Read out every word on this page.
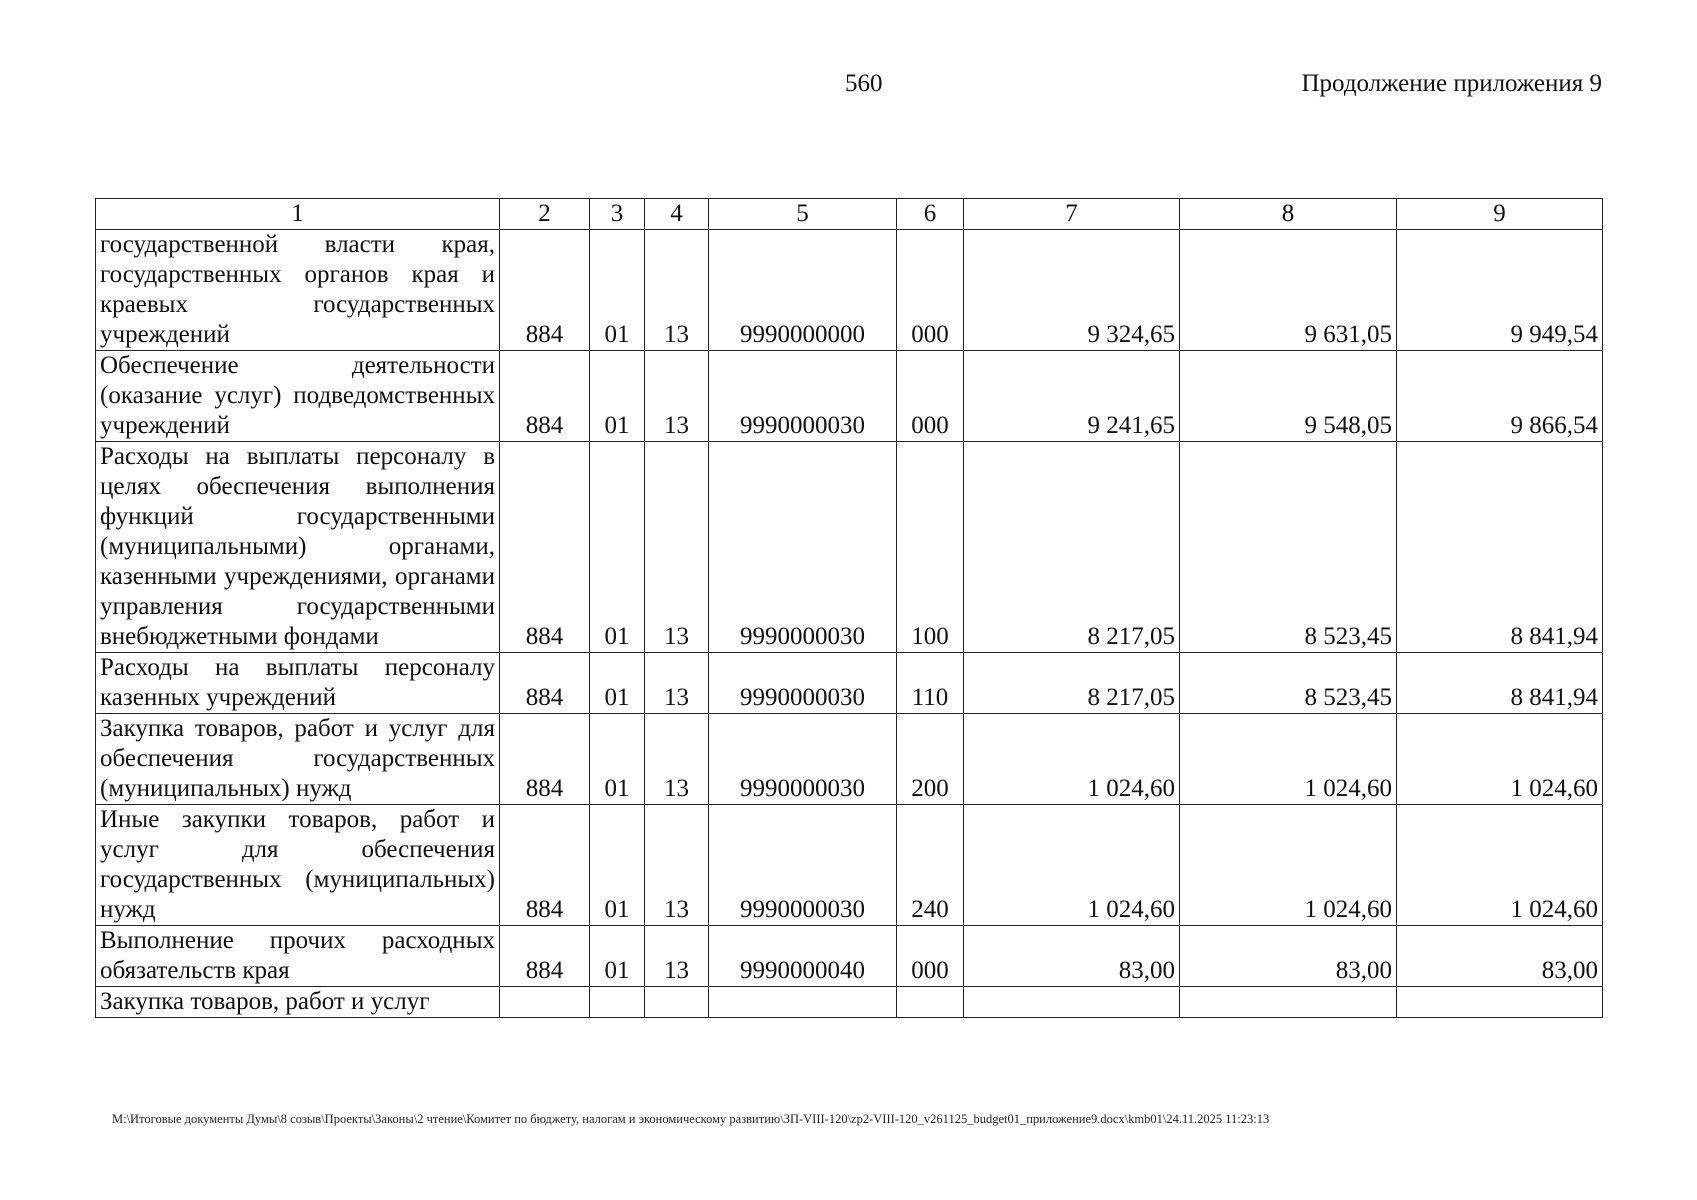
560	Продолжение приложения 9
1	2	3	4	5	6	7	8	9
государственной власти края, государственных органов края и краевых государственных учреждений	884	01	13	9990000000	000	9 324,65	9 631,05	9 949,54
Обеспечение деятельности (оказание услуг) подведомственных учреждений	884	01	13	9990000030	000	9 241,65	9 548,05	9 866,54
Расходы на выплаты персоналу в целях обеспечения выполнения функций государственными (муниципальными) органами, казенными учреждениями, органами управления государственными внебюджетными фондами	884	01	13	9990000030	100	8 217,05	8 523,45	8 841,94
Расходы на выплаты персоналу казенных учреждений	884	01	13	9990000030	110	8 217,05	8 523,45	8 841,94
Закупка товаров, работ и услуг для обеспечения государственных (муниципальных) нужд	884	01	13	9990000030	200	1 024,60	1 024,60	1 024,60
Иные закупки товаров, работ и услуг для обеспечения государственных (муниципальных) нужд	884	01	13	9990000030	240	1 024,60	1 024,60	1 024,60
Выполнение прочих расходных обязательств края	884	01	13	9990000040	000	83,00	83,00	83,00
Закупка товаров, работ и услуг								
M:\Итоговые документы Думы\8 созыв\Проекты\Законы\2 чтение\Комитет по бюджету, налогам и экономическому развитию\ЗП-VIII-120\zp2-VIII-120_v261125_budget01_приложение9.docx\kmb01\24.11.2025 11:23:13
